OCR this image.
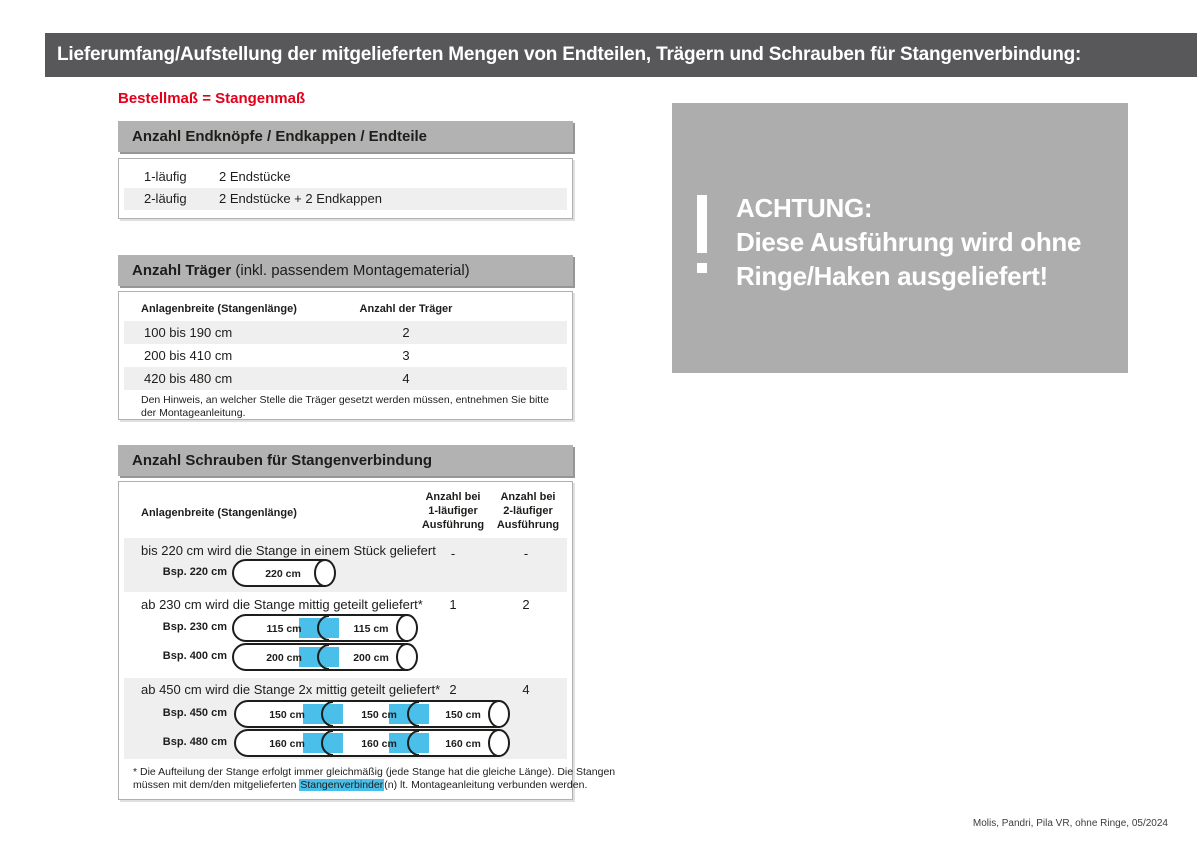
Lieferumfang/Aufstellung der mitgelieferten Mengen von Endteilen, Trägern und Schrauben für Stangenverbindung:
Bestellmaß = Stangenmaß
Anzahl Endknöpfe / Endkappen / Endteile
1-läufig 2 Endstücke
2-läufig 2 Endstücke + 2 Endkappen
Anzahl Träger (inkl. passendem Montagematerial)
Anlagenbreite (Stangenlänge)	Anzahl der Träger
100 bis 190 cm	2
200 bis 410 cm	3
420 bis 480 cm	4
Den Hinweis, an welcher Stelle die Träger gesetzt werden müssen, entnehmen Sie bitte
der Montageanleitung.
Anzahl Schrauben für Stangenverbindung
Anlagenbreite (Stangenlänge)
Anzahl bei
1-läufiger
Ausführung
Anzahl bei
2-läufiger
Ausführung
bis 220 cm wird die Stange in einem Stück geliefert	-	-
Bsp. 220 cm	220 cm
ab 230 cm wird die Stange mittig geteilt geliefert*	1	2
Bsp. 230 cm	115 cm	115 cm
Bsp. 400 cm	200 cm	200 cm
ab 450 cm wird die Stange 2x mittig geteilt geliefert* 2	4
Bsp. 450 cm	150 cm	150 cm	150 cm
Bsp. 480 cm	160 cm	160 cm	160 cm
* Die Aufteilung der Stange erfolgt immer gleichmäßig (jede Stange hat die gleiche Länge). Die Stangen
müssen mit dem/den mitgelieferten Stangenverbinder(n) lt. Montageanleitung verbunden werden.
ACHTUNG:
Diese Ausführung wird ohne
Ringe/Haken ausgeliefert!
Molis, Pandri, Pila VR, ohne Ringe, 05/2024
